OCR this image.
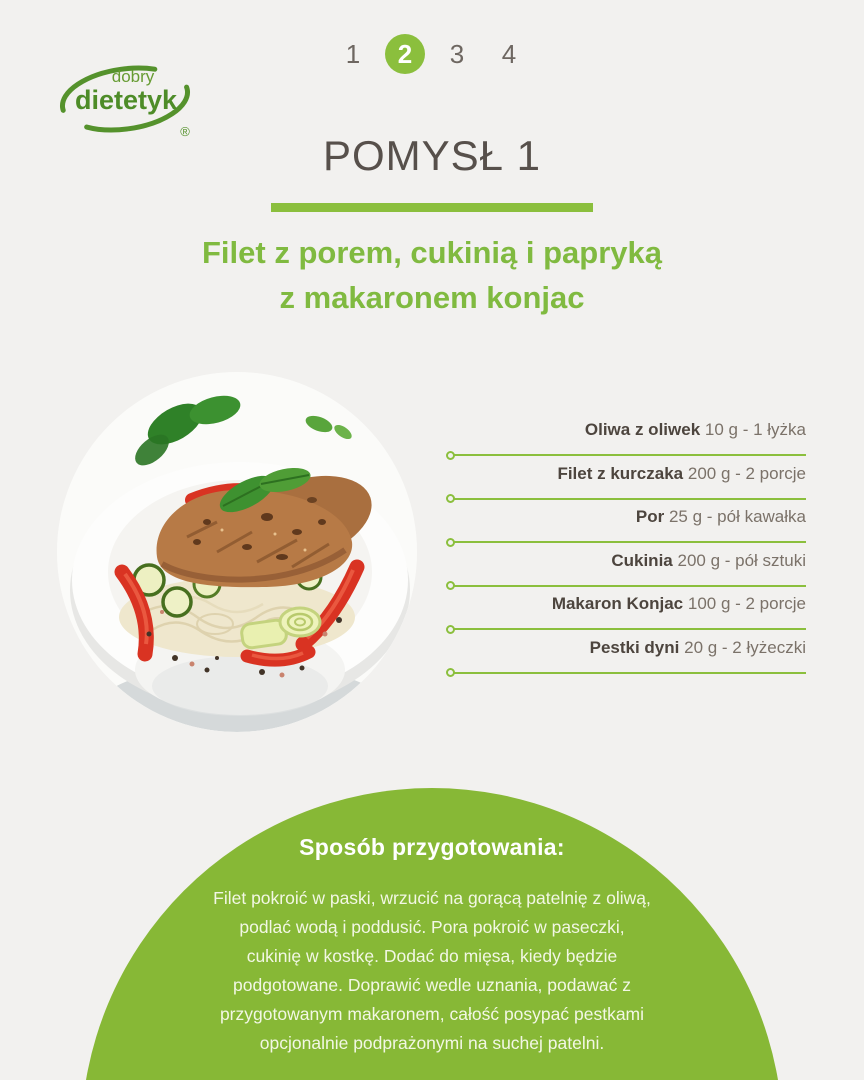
dobry
dietetyk
®
1	2	3	4
POMYSŁ 1
Filet z porem, cukinią i papryką
z makaronem konjac
Oliwa z oliwek 10 g - 1 łyżka
Filet z kurczaka 200 g - 2 porcje
Por 25 g - pół kawałka
Cukinia 200 g - pół sztuki
Makaron Konjac 100 g - 2 porcje
Pestki dyni 20 g - 2 łyżeczki
Sposób przygotowania:

Filet pokroić w paski, wrzucić na gorącą patelnię z oliwą, podlać wodą i poddusić. Pora pokroić w paseczki, cukinię w kostkę. Dodać do mięsa, kiedy będzie podgotowane. Doprawić wedle uznania, podawać z przygotowanym makaronem, całość posypać pestkami opcjonalnie podprażonymi na suchej patelni.
